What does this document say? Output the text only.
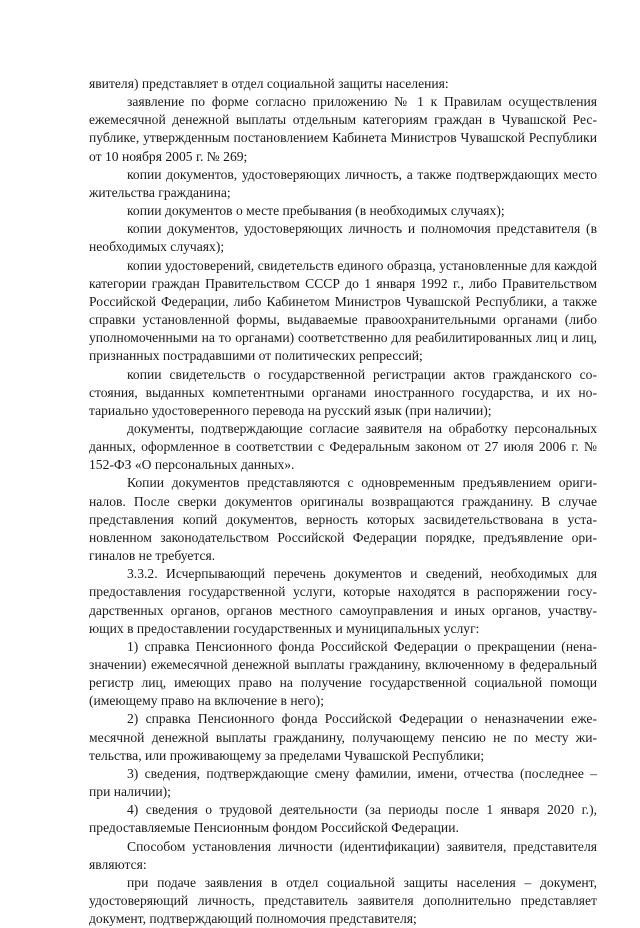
явителя) представляет в отдел социальной защиты населения:

заявление по форме согласно приложению № 1 к Правилам осуществления ежемесячной денежной выплаты отдельным категориям граждан в Чувашской Республике, утвержденным постановлением Кабинета Министров Чувашской Республики от 10 ноября 2005 г. № 269;

копии документов, удостоверяющих личность, а также подтверждающих место жительства гражданина;

копии документов о месте пребывания (в необходимых случаях);

копии документов, удостоверяющих личность и полномочия представителя (в необходимых случаях);

копии удостоверений, свидетельств единого образца, установленные для каждой категории граждан Правительством СССР до 1 января 1992 г., либо Правительством Российской Федерации, либо Кабинетом Министров Чувашской Республики, а также справки установленной формы, выдаваемые правоохранительными органами (либо уполномоченными на то органами) соответственно для реабилитированных лиц и лиц, признанных пострадавшими от политических репрессий;

копии свидетельств о государственной регистрации актов гражданского состояния, выданных компетентными органами иностранного государства, и их нотариально удостоверенного перевода на русский язык (при наличии);

документы, подтверждающие согласие заявителя на обработку персональных данных, оформленное в соответствии с Федеральным законом от 27 июля 2006 г. № 152-ФЗ «О персональных данных».

Копии документов представляются с одновременным предъявлением оригиналов. После сверки документов оригиналы возвращаются гражданину. В случае представления копий документов, верность которых засвидетельствована в установленном законодательством Российской Федерации порядке, предъявление оригиналов не требуется.

3.3.2. Исчерпывающий перечень документов и сведений, необходимых для предоставления государственной услуги, которые находятся в распоряжении государственных органов, органов местного самоуправления и иных органов, участвующих в предоставлении государственных и муниципальных услуг:

1) справка Пенсионного фонда Российской Федерации о прекращении (неназначении) ежемесячной денежной выплаты гражданину, включенному в федеральный регистр лиц, имеющих право на получение государственной социальной помощи (имеющему право на включение в него);

2) справка Пенсионного фонда Российской Федерации о неназначении ежемесячной денежной выплаты гражданину, получающему пенсию не по месту жительства, или проживающему за пределами Чувашской Республики;

3) сведения, подтверждающие смену фамилии, имени, отчества (последнее – при наличии);

4) сведения о трудовой деятельности (за периоды после 1 января 2020 г.), предоставляемые Пенсионным фондом Российской Федерации.

Способом установления личности (идентификации) заявителя, представителя являются:

при подаче заявления в отдел социальной защиты населения – документ, удостоверяющий личность, представитель заявителя дополнительно представляет документ, подтверждающий полномочия представителя;
